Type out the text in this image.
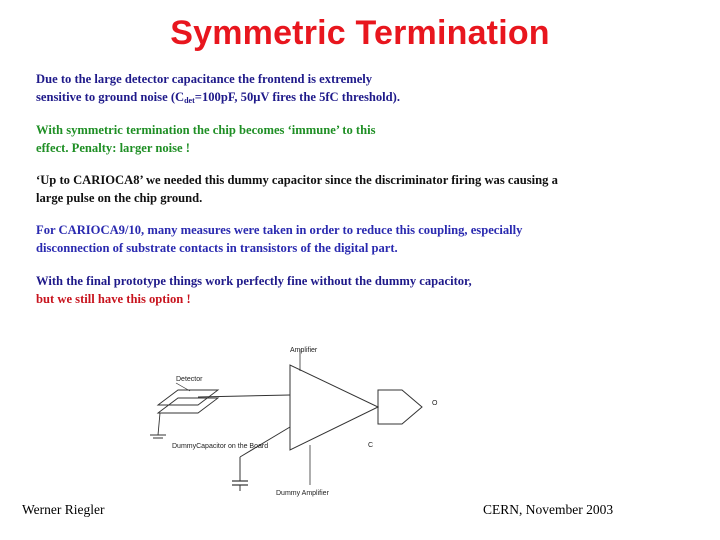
Symmetric Termination

Due to the large detector capacitance the frontend is extremely
sensitive to ground noise ($C_{det}=100pF$, 50μV fires the 5fC threshold).

With symmetric termination the chip becomes ‘immune’ to this
effect. Penalty: larger noise !

‘Up to CARIOCA8’ we needed this dummy capacitor since the discriminator firing was causing a
large pulse on the chip ground.

For CARIOCA9/10, many measures were taken in order to reduce this coupling, especially
disconnection of substrate contacts in transistors of the digital part.

With the final prototype things work perfectly fine without the dummy capacitor,
but we still have this option !

Amplifier
O
C
Detector
DummyCapacitor on the Board
Dummy Amplifier
Werner Riegler	CERN, November 2003
